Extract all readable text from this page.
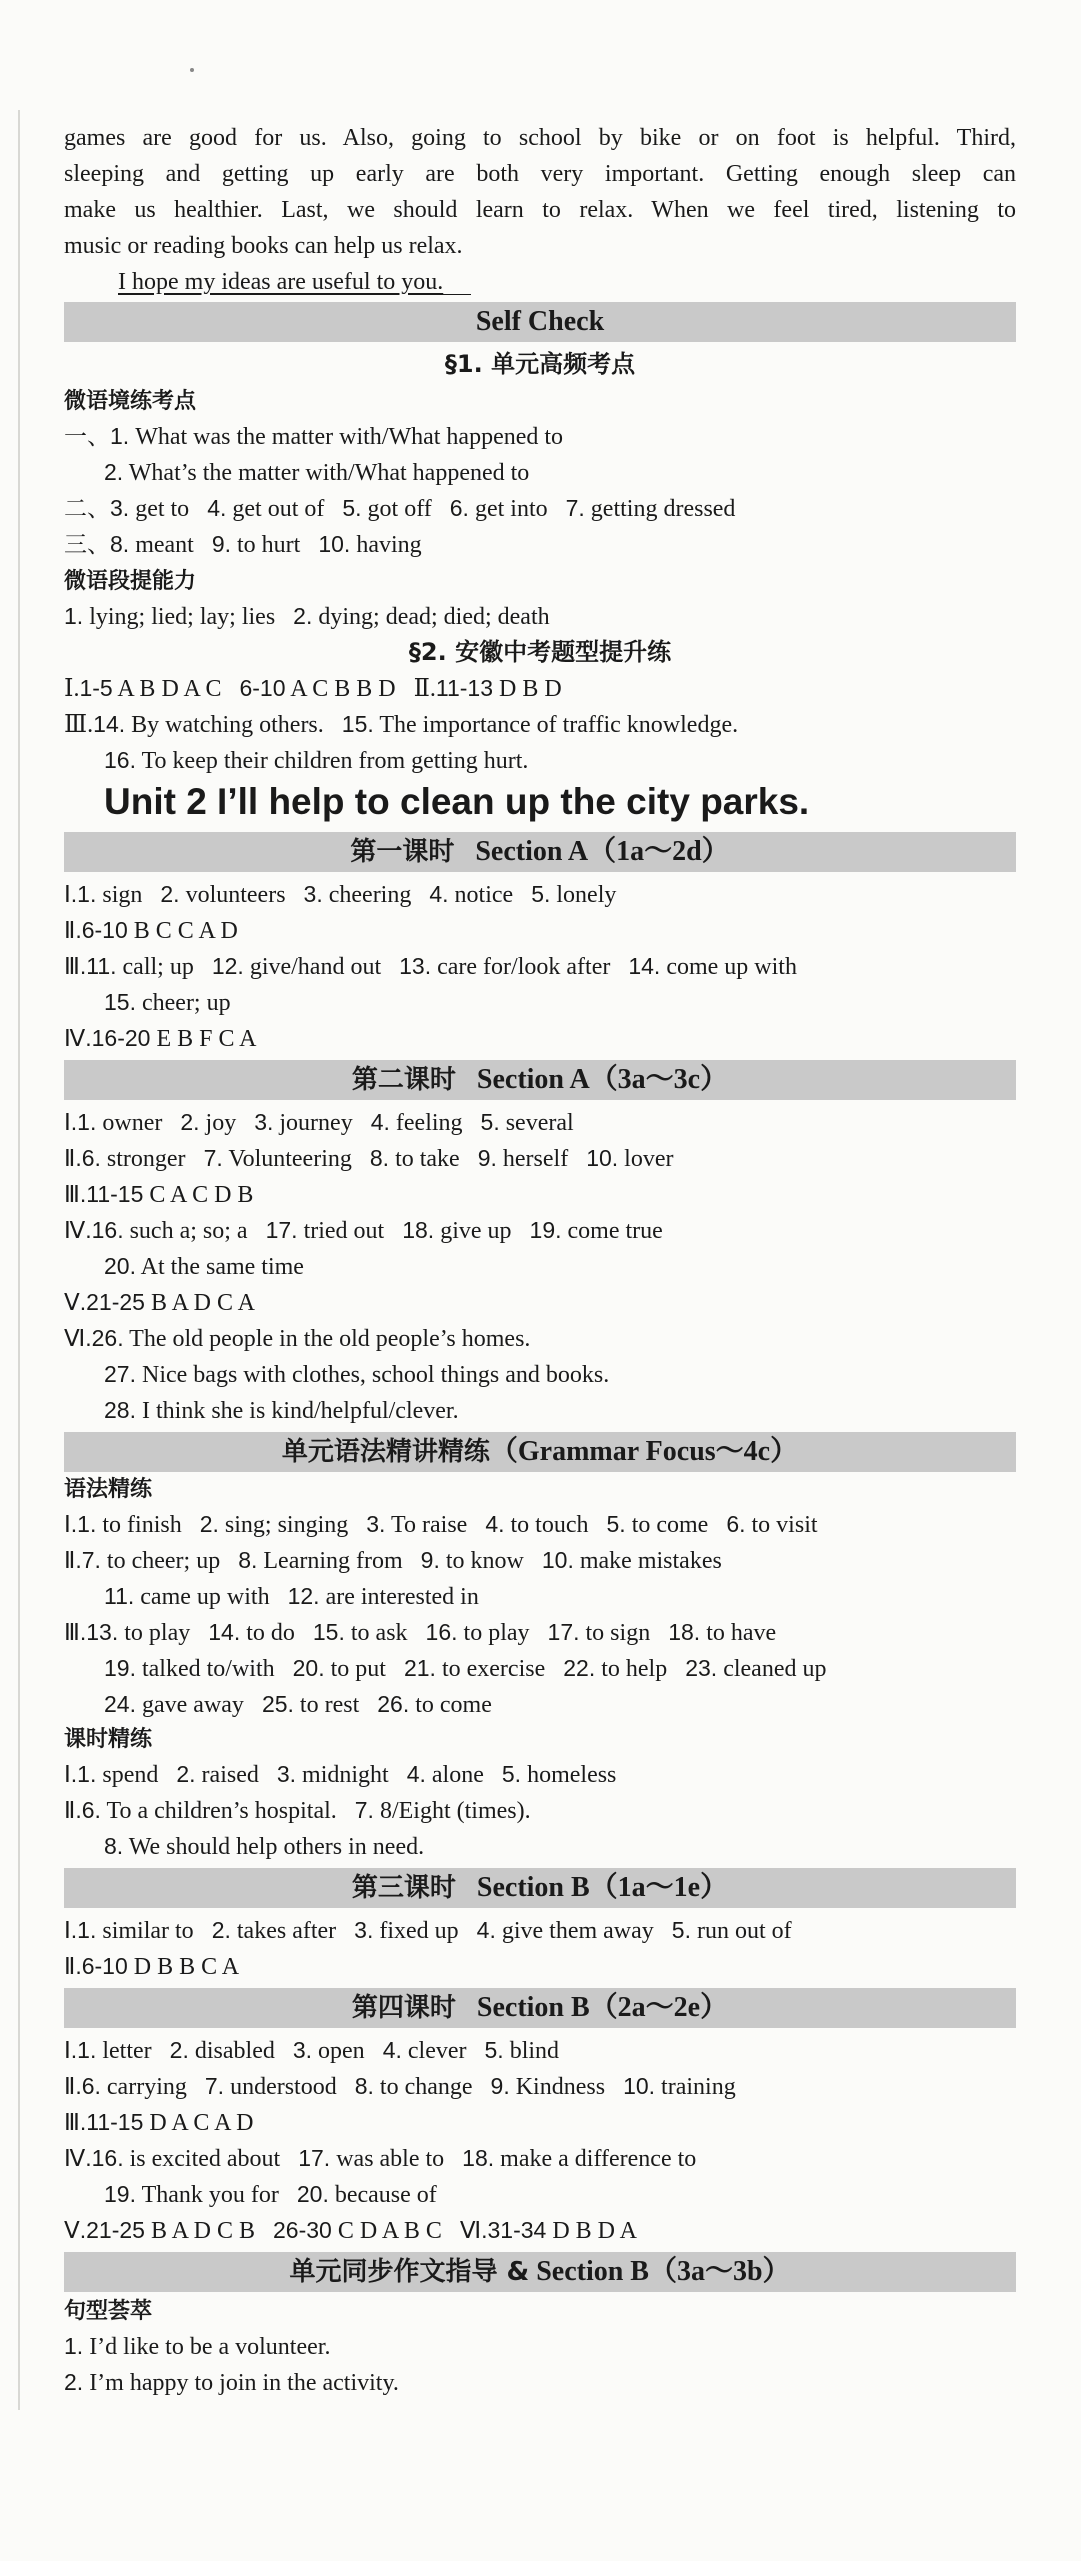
games are good for us. Also, going to school by bike or on foot is helpful. Third,
sleeping and getting up early are both very important. Getting enough sleep can
make us healthier. Last, we should learn to relax. When we feel tired, listening to
music or reading books can help us relax.
I hope my ideas are useful to you.
Self Check
§1. 单元高频考点
微语境练考点
一、1. What was the matter with/What happened to
2. What’s the matter with/What happened to
二、3. get to 4. get out of 5. got off 6. get into 7. getting dressed
三、8. meant 9. to hurt 10. having
微语段提能力
1. lying; lied; lay; lies 2. dying; dead; died; death
§2. 安徽中考题型提升练
Ⅰ.1-5 A B D A C 6-10 A C B B D Ⅱ.11-13 D B D
Ⅲ.14. By watching others. 15. The importance of traffic knowledge.
16. To keep their children from getting hurt.
Unit 2 I’ll help to clean up the city parks.
第一课时 Section A（1a～2d）
Ⅰ.1. sign 2. volunteers 3. cheering 4. notice 5. lonely
Ⅱ.6-10 B C C A D
Ⅲ.11. call; up 12. give/hand out 13. care for/look after 14. come up with
15. cheer; up
Ⅳ.16-20 E B F C A
第二课时 Section A（3a～3c）
Ⅰ.1. owner 2. joy 3. journey 4. feeling 5. several
Ⅱ.6. stronger 7. Volunteering 8. to take 9. herself 10. lover
Ⅲ.11-15 C A C D B
Ⅳ.16. such a; so; a 17. tried out 18. give up 19. come true
20. At the same time
Ⅴ.21-25 B A D C A
Ⅵ.26. The old people in the old people’s homes.
27. Nice bags with clothes, school things and books.
28. I think she is kind/helpful/clever.
单元语法精讲精练（Grammar Focus～4c）
语法精练
Ⅰ.1. to finish 2. sing; singing 3. To raise 4. to touch 5. to come 6. to visit
Ⅱ.7. to cheer; up 8. Learning from 9. to know 10. make mistakes
11. came up with 12. are interested in
Ⅲ.13. to play 14. to do 15. to ask 16. to play 17. to sign 18. to have
19. talked to/with 20. to put 21. to exercise 22. to help 23. cleaned up
24. gave away 25. to rest 26. to come
课时精练
Ⅰ.1. spend 2. raised 3. midnight 4. alone 5. homeless
Ⅱ.6. To a children’s hospital. 7. 8/Eight (times).
8. We should help others in need.
第三课时 Section B（1a～1e）
Ⅰ.1. similar to 2. takes after 3. fixed up 4. give them away 5. run out of
Ⅱ.6-10 D B B C A
第四课时 Section B（2a～2e）
Ⅰ.1. letter 2. disabled 3. open 4. clever 5. blind
Ⅱ.6. carrying 7. understood 8. to change 9. Kindness 10. training
Ⅲ.11-15 D A C A D
Ⅳ.16. is excited about 17. was able to 18. make a difference to
19. Thank you for 20. because of
Ⅴ.21-25 B A D C B 26-30 C D A B C Ⅵ.31-34 D B D A
单元同步作文指导 & Section B（3a～3b）
句型荟萃
1. I’d like to be a volunteer.
2. I’m happy to join in the activity.
